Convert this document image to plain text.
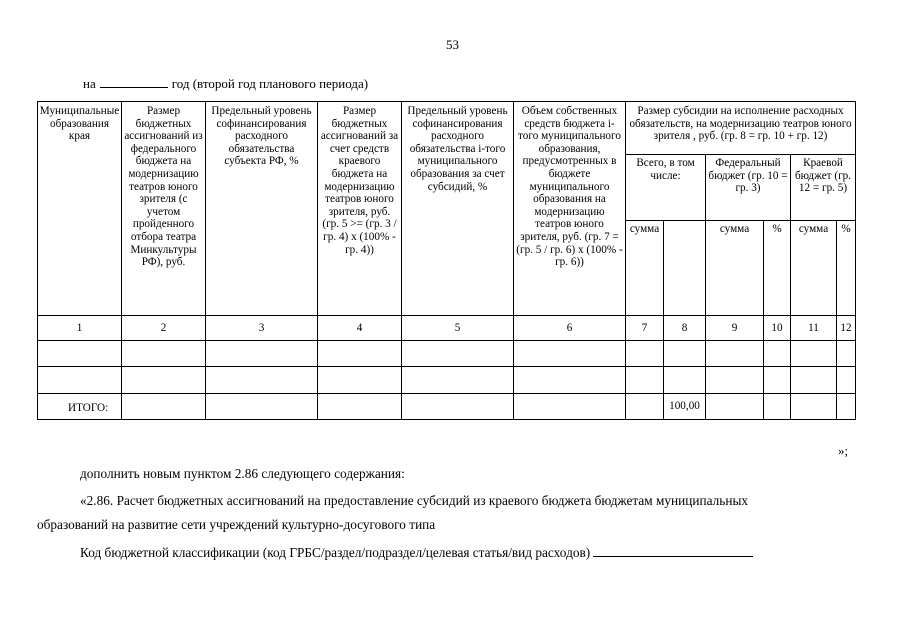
53
на	год (второй год планового периода)
Муниципальные образования края	Размер бюджетных ассигнований из федерального бюджета на модернизацию театров юного зрителя (с учетом пройденного отбора театра Минкультуры РФ), руб.	Предельный уровень софинансирования расходного обязательства субъекта РФ, %	Размер бюджетных ассигнований за счет средств краевого бюджета на модернизацию театров юного зрителя, руб. (гр. 5 >= (гр. 3 / гр. 4) x (100% - гр. 4))	Предельный уровень софинансирования расходного обязательства i-того муниципального образования за счет субсидий, %	Объем собственных средств бюджета i-того муниципального образования, предусмотренных в бюджете муниципального образования на модернизацию театров юного зрителя, руб. (гр. 7 = (гр. 5 / гр. 6) x (100% - гр. 6))	Размер субсидии на исполнение расходных обязательств, на модернизацию театров юного зрителя , руб. (гр. 8 = гр. 10 + гр. 12)					
						Всего, в том числе:		Федеральный бюджет (гр. 10 = гр. 3)		Краевой бюджет (гр. 12 = гр. 5)	
						сумма		сумма	%	сумма	%
1	2	3	4	5	6	7	8	9	10	11	12

ИТОГО:							100,00				
»;
дополнить новым пунктом 2.86 следующего содержания:
«2.86. Расчет бюджетных ассигнований на предоставление субсидий из краевого бюджета бюджетам муниципальных
образований на развитие сети учреждений культурно-досугового типа
Код бюджетной классификации (код ГРБС/раздел/подраздел/целевая статья/вид расходов)
